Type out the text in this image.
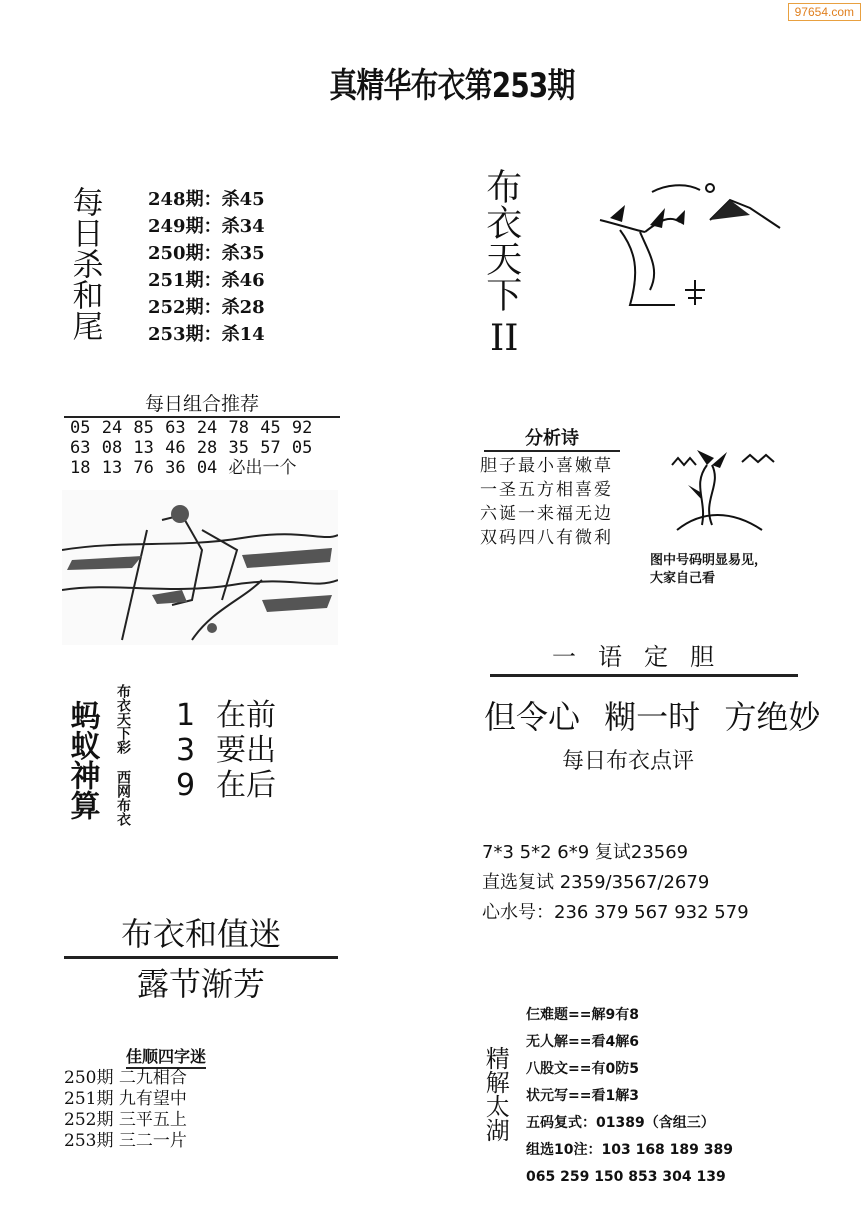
97654.com
真精华布衣第253期
每日杀和尾	248期：杀45
249期：杀34
250期：杀35
251期：杀46
252期：杀28
253期：杀14
布衣天下
II
每日组合推荐
05 24 85 63 24 78 45 92
63 08 13 46 28 35 57 05
18 13 76 36 04 必出一个
分析诗
胆子最小喜嫩草
一圣五方相喜爱
六诞一来福无边
双码四八有微利
图中号码明显易见，
大家自己看
一语定胆
但令心 糊一时 方绝妙
每日布衣点评
蚂蚁神算 布衣天下彩 西网布衣 1 在前
3 要出
9 在后
7*3 5*2 6*9 复试23569
直选复试 2359/3567/2679
心水号：236 379 567 932 579
布衣和值迷
露节渐芳
佳顺四字迷
250期 二九相合
251期 九有望中
252期 三平五上
253期 三二一片	精解太湖
仨难题==解9有8
无人解==看4解6
八股文==有0防5
状元写==看1解3
五码复式：01389（含组三）
组选10注：103 168 189 389
065 259 150 853 304 139
